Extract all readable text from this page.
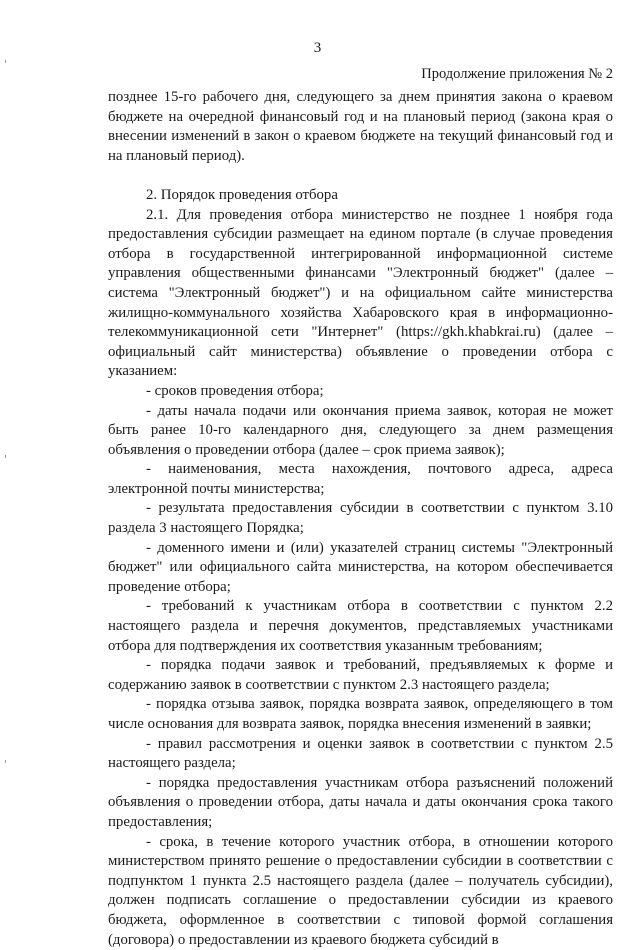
3
Продолжение приложения № 2

позднее 15-го рабочего дня, следующего за днем принятия закона о краевом бюджете на очередной финансовый год и на плановый период (закона края о внесении изменений в закон о краевом бюджете на текущий финансовый год и на плановый период).

2. Порядок проведения отбора

2.1. Для проведения отбора министерство не позднее 1 ноября года предоставления субсидии размещает на едином портале (в случае проведения отбора в государственной интегрированной информационной системе управления общественными финансами "Электронный бюджет" (далее – система "Электронный бюджет") и на официальном сайте министерства жилищно-коммунального хозяйства Хабаровского края в информационно-телекоммуникационной сети "Интернет" (https://gkh.khabkrai.ru) (далее – официальный сайт министерства) объявление о проведении отбора с указанием:

- сроков проведения отбора;

- даты начала подачи или окончания приема заявок, которая не может быть ранее 10-го календарного дня, следующего за днем размещения объявления о проведении отбора (далее – срок приема заявок);

- наименования, места нахождения, почтового адреса, адреса электронной почты министерства;

- результата предоставления субсидии в соответствии с пунктом 3.10 раздела 3 настоящего Порядка;

- доменного имени и (или) указателей страниц системы "Электронный бюджет" или официального сайта министерства, на котором обеспечивается проведение отбора;

- требований к участникам отбора в соответствии с пунктом 2.2 настоящего раздела и перечня документов, представляемых участниками отбора для подтверждения их соответствия указанным требованиям;

- порядка подачи заявок и требований, предъявляемых к форме и содержанию заявок в соответствии с пунктом 2.3 настоящего раздела;

- порядка отзыва заявок, порядка возврата заявок, определяющего в том числе основания для возврата заявок, порядка внесения изменений в заявки;

- правил рассмотрения и оценки заявок в соответствии с пунктом 2.5 настоящего раздела;

- порядка предоставления участникам отбора разъяснений положений объявления о проведении отбора, даты начала и даты окончания срока такого предоставления;

- срока, в течение которого участник отбора, в отношении которого министерством принято решение о предоставлении субсидии в соответствии с подпунктом 1 пункта 2.5 настоящего раздела (далее – получатель субсидии), должен подписать соглашение о предоставлении субсидии из краевого бюджета, оформленное в соответствии с типовой формой соглашения (договора) о предоставлении из краевого бюджета субсидий в
